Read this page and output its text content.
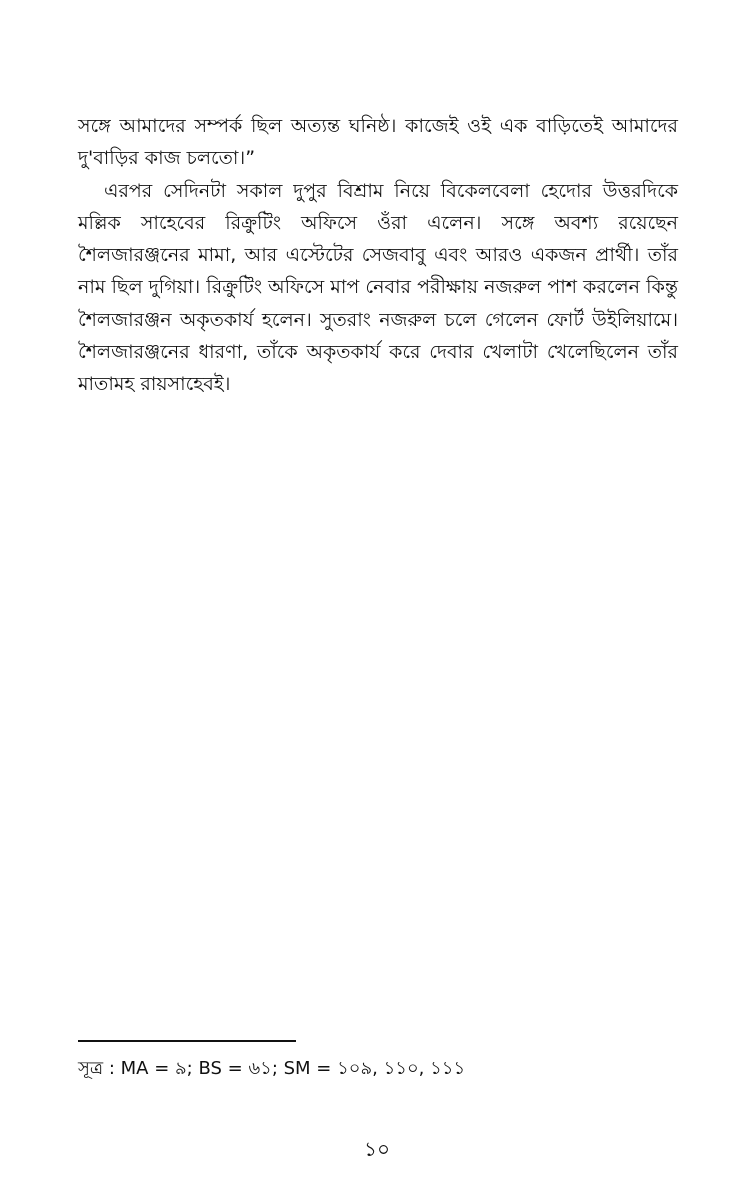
সঙ্গে আমাদের সম্পর্ক ছিল অত্যন্ত ঘনিষ্ঠ। কাজেই ওই এক বাড়িতেই আমাদের দু'বাড়ির কাজ চলতো।”

এরপর সেদিনটা সকাল দুপুর বিশ্রাম নিয়ে বিকেলবেলা হেদোর উত্তরদিকে মল্লিক সাহেবের রিক্রুটিং অফিসে ওঁরা এলেন। সঙ্গে অবশ্য রয়েছেন শৈলজারঞ্জনের মামা, আর এস্টেটের সেজবাবু এবং আরও একজন প্রার্থী। তাঁর নাম ছিল দুগিয়া। রিক্রুটিং অফিসে মাপ নেবার পরীক্ষায় নজরুল পাশ করলেন কিন্তু শৈলজারঞ্জন অকৃতকার্য হলেন। সুতরাং নজরুল চলে গেলেন ফোর্ট উইলিয়ামে। শৈলজারঞ্জনের ধারণা, তাঁকে অকৃতকার্য করে দেবার খেলাটা খেলেছিলেন তাঁর মাতামহ রায়সাহেবই।

সূত্র : MA = ৯; BS = ৬১; SM = ১০৯, ১১০, ১১১
১০
